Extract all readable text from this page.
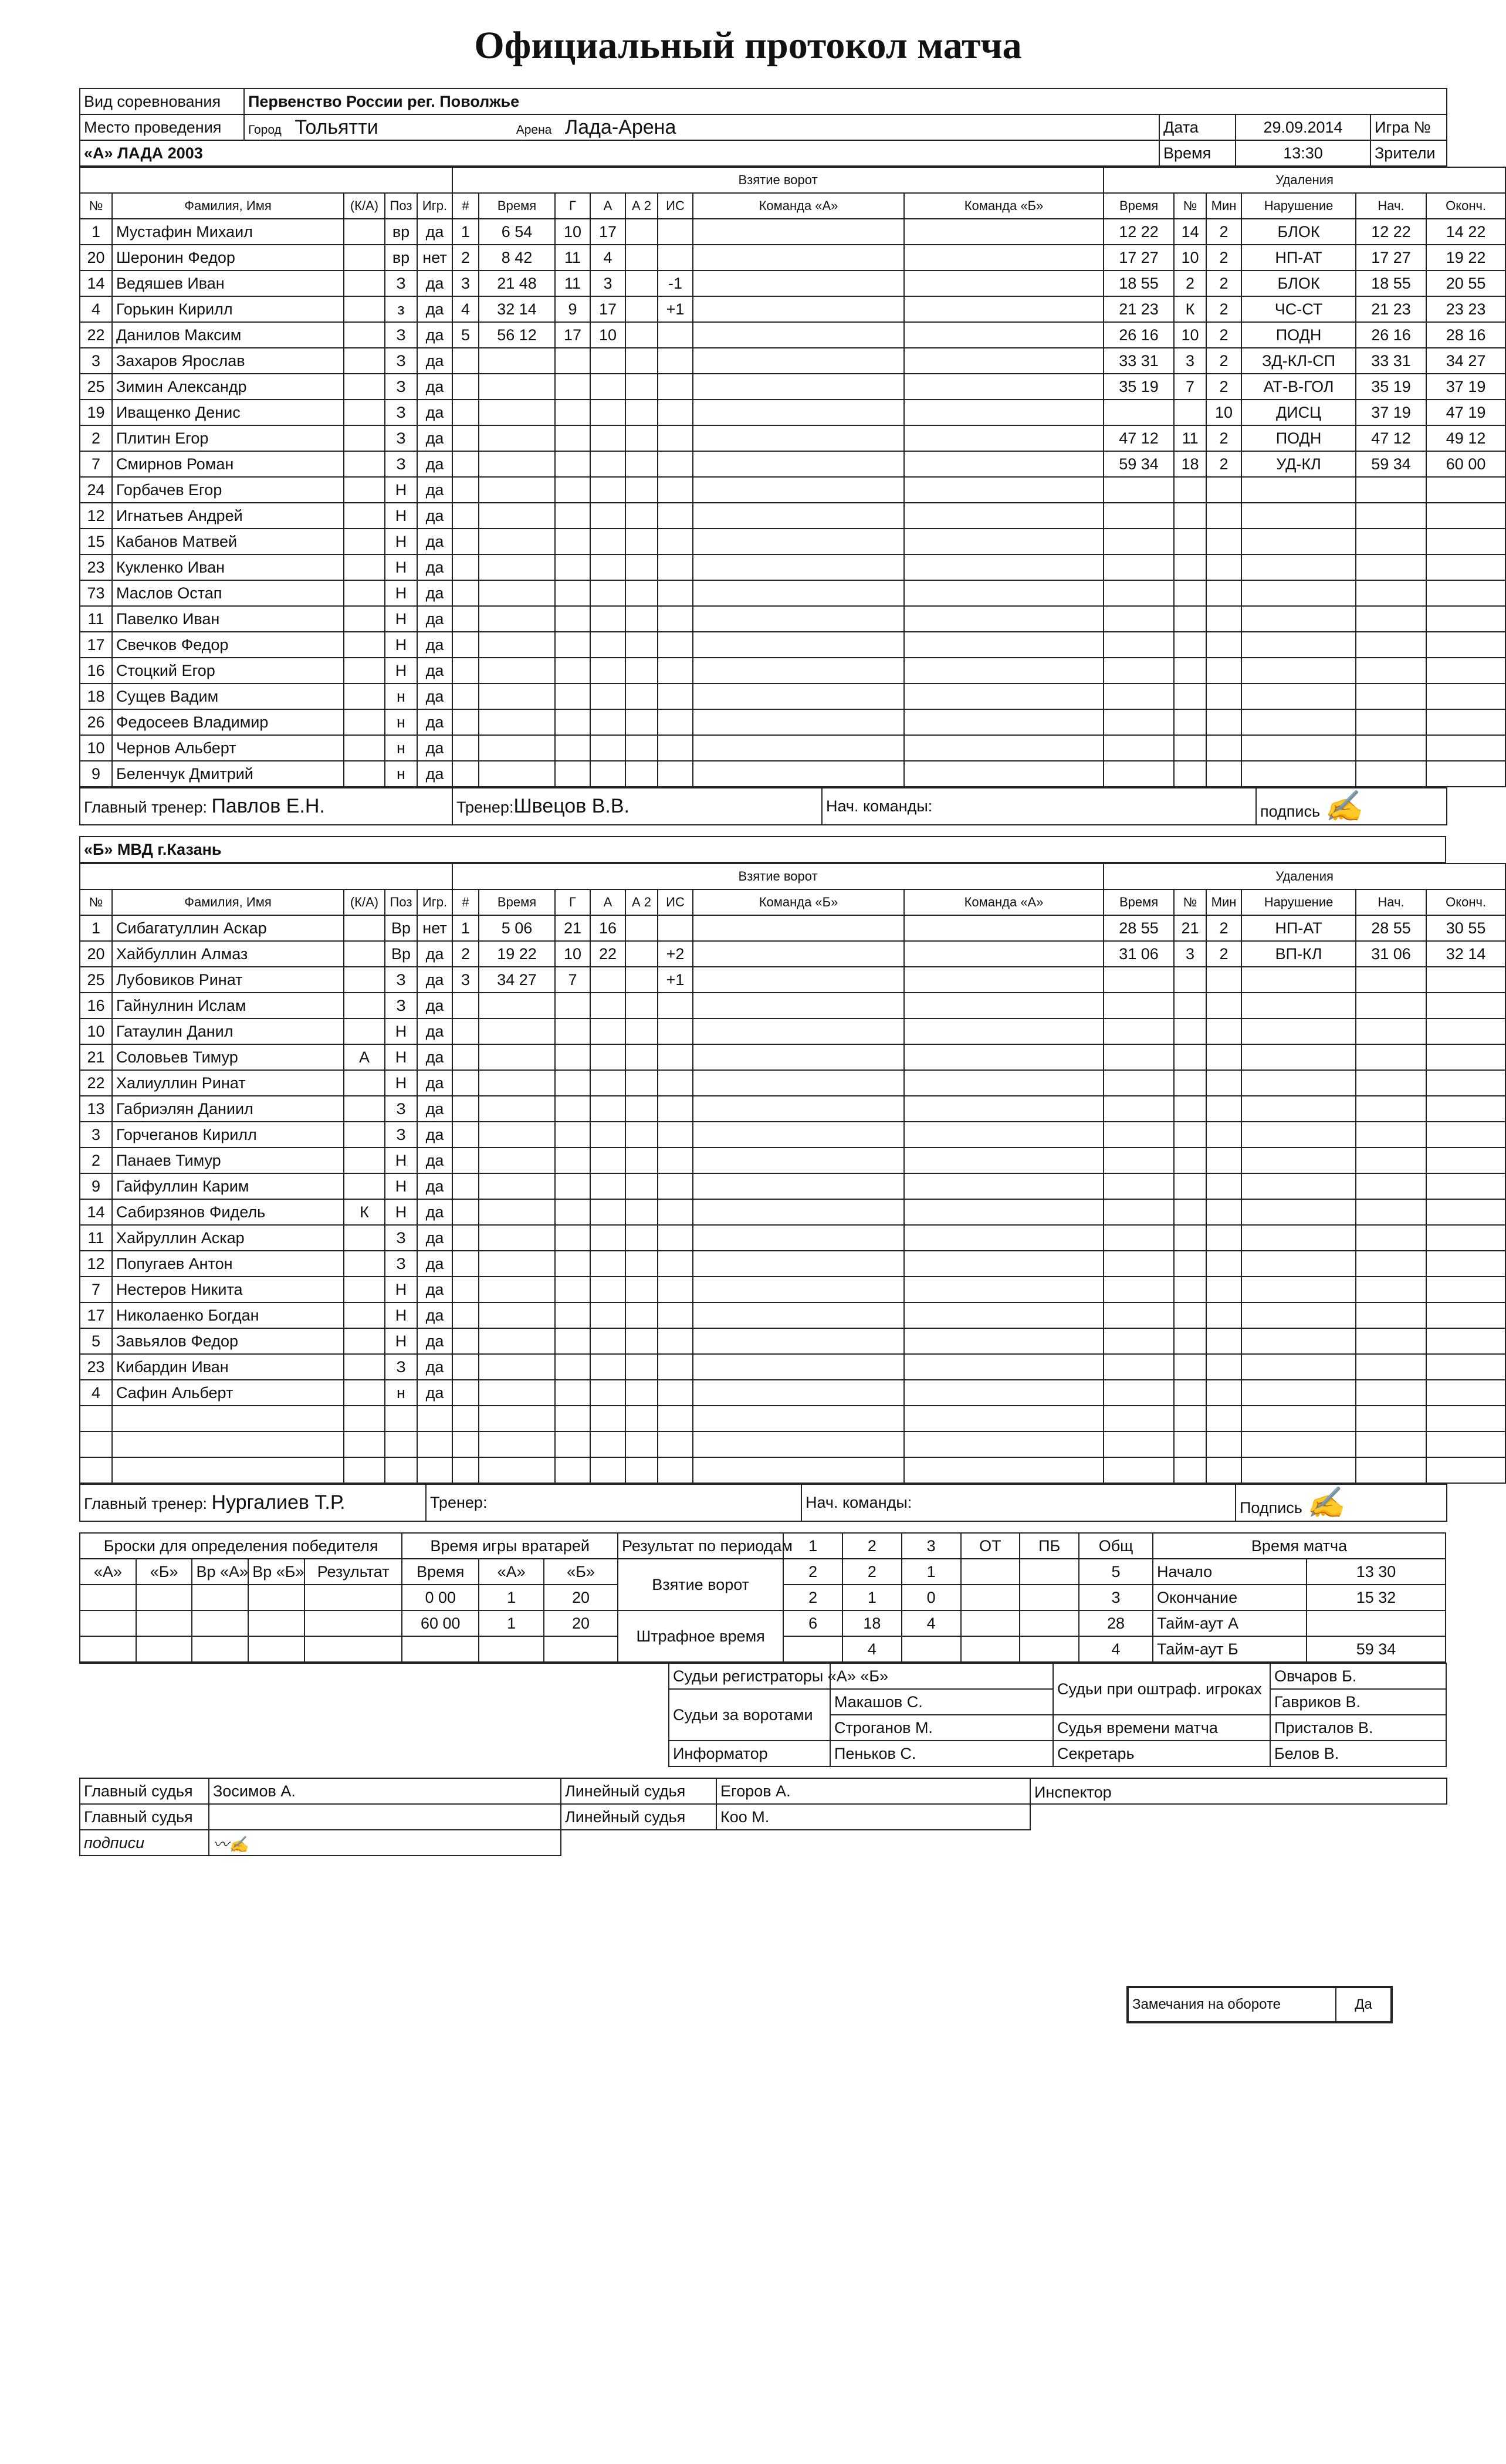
Официальный протокол матча
Вид соревнования	Первенство России рег. Поволжье			
Место проведения	Город Тольятти Арена Лада-Арена	Дата	29.09.2014	Игра №
«А» ЛАДА 2003		Время	13:30	Зрители
					Взятие ворот								Удаления					
№	Фамилия, Имя	(К/А)	Поз	Игр.	#	Время	Г	А	А 2	ИС	Команда «А»	Команда «Б»	Время	№	Мин	Нарушение	Нач.	Оконч.
1	Мустафин Михаил		вр	да	1	6 54	10	17					12 22	14	2	БЛОК	12 22	14 22
20	Шеронин Федор		вр	нет	2	8 42	11	4					17 27	10	2	НП-АТ	17 27	19 22
14	Ведяшев Иван		З	да	3	21 48	11	3		-1			18 55	2	2	БЛОК	18 55	20 55
4	Горькин Кирилл		з	да	4	32 14	9	17		+1			21 23	К	2	ЧС-СТ	21 23	23 23
22	Данилов Максим		З	да	5	56 12	17	10					26 16	10	2	ПОДН	26 16	28 16
3	Захаров Ярослав		З	да									33 31	3	2	ЗД-КЛ-СП	33 31	34 27
25	Зимин Александр		З	да									35 19	7	2	АТ-В-ГОЛ	35 19	37 19
19	Иващенко Денис		З	да											10	ДИСЦ	37 19	47 19
2	Плитин Егор		З	да									47 12	11	2	ПОДН	47 12	49 12
7	Смирнов Роман		З	да									59 34	18	2	УД-КЛ	59 34	60 00
24	Горбачев Егор		Н	да														
12	Игнатьев Андрей		Н	да														
15	Кабанов Матвей		Н	да														
23	Кукленко Иван		Н	да														
73	Маслов Остап		Н	да														
11	Павелко Иван		Н	да														
17	Свечков Федор		Н	да														
16	Стоцкий Егор		Н	да														
18	Сущев Вадим		н	да														
26	Федосеев Владимир		н	да														
10	Чернов Альберт		н	да														
9	Беленчук Дмитрий		н	да														
Главный тренер: Павлов Е.Н.	Тренер:Швецов В.В.	Нач. команды:	подпись ✍
«Б» МВД г.Казань
					Взятие ворот								Удаления					
№	Фамилия, Имя	(К/А)	Поз	Игр.	#	Время	Г	А	А 2	ИС	Команда «Б»	Команда «А»	Время	№	Мин	Нарушение	Нач.	Оконч.
1	Сибагатуллин Аскар		Вр	нет	1	5 06	21	16					28 55	21	2	НП-АТ	28 55	30 55
20	Хайбуллин Алмаз		Вр	да	2	19 22	10	22		+2			31 06	3	2	ВП-КЛ	31 06	32 14
25	Лубовиков Ринат		З	да	3	34 27	7			+1								
16	Гайнулнин Ислам		З	да														
10	Гатаулин Данил		Н	да														
21	Соловьев Тимур	А	Н	да														
22	Халиуллин Ринат		Н	да														
13	Габриэлян Даниил		З	да														
3	Горчеганов Кирилл		З	да														
2	Панаев Тимур		Н	да														
9	Гайфуллин Карим		Н	да														
14	Сабирзянов Фидель	К	Н	да														
11	Хайруллин Аскар		З	да														
12	Попугаев Антон		З	да														
7	Нестеров Никита		Н	да														
17	Николаенко Богдан		Н	да														
5	Завьялов Федор		Н	да														
23	Кибардин Иван		З	да														
4	Сафин Альберт		н	да														

Главный тренер: Нургалиев Т.Р.	Тренер:	Нач. команды:	Подпись ✍
Броски для определения победителя					Время игры вратарей			Результат по периодам	1	2	3	ОТ	ПБ	Общ	Время матча	
«А»	«Б»	Вр «А»	Вр «Б»	Результат	Время	«А»	«Б»	Взятие ворот	2	2	1			5	Начало	13 30
					0 00	1	20		2	1	0			3	Окончание	15 32
					60 00	1	20	Штрафное время	6	18	4			28	Тайм-аут А	
										4				4	Тайм-аут Б	59 34
	Судьи регистраторы «А» «Б»		Судьи при оштраф. игроках	Овчаров Б.
	Судьи за воротами	Макашов С.		Гавриков В.
		Строганов М.	Судья времени матча	Присталов В.
	Информатор	Пеньков С.	Секретарь	Белов В.
Главный судья	Зосимов А.	Линейный судья	Егоров А.	Инспектор
Главный судья		Линейный судья	Коо М.	
подписи	〰✍			
Замечания на обороте	Да
